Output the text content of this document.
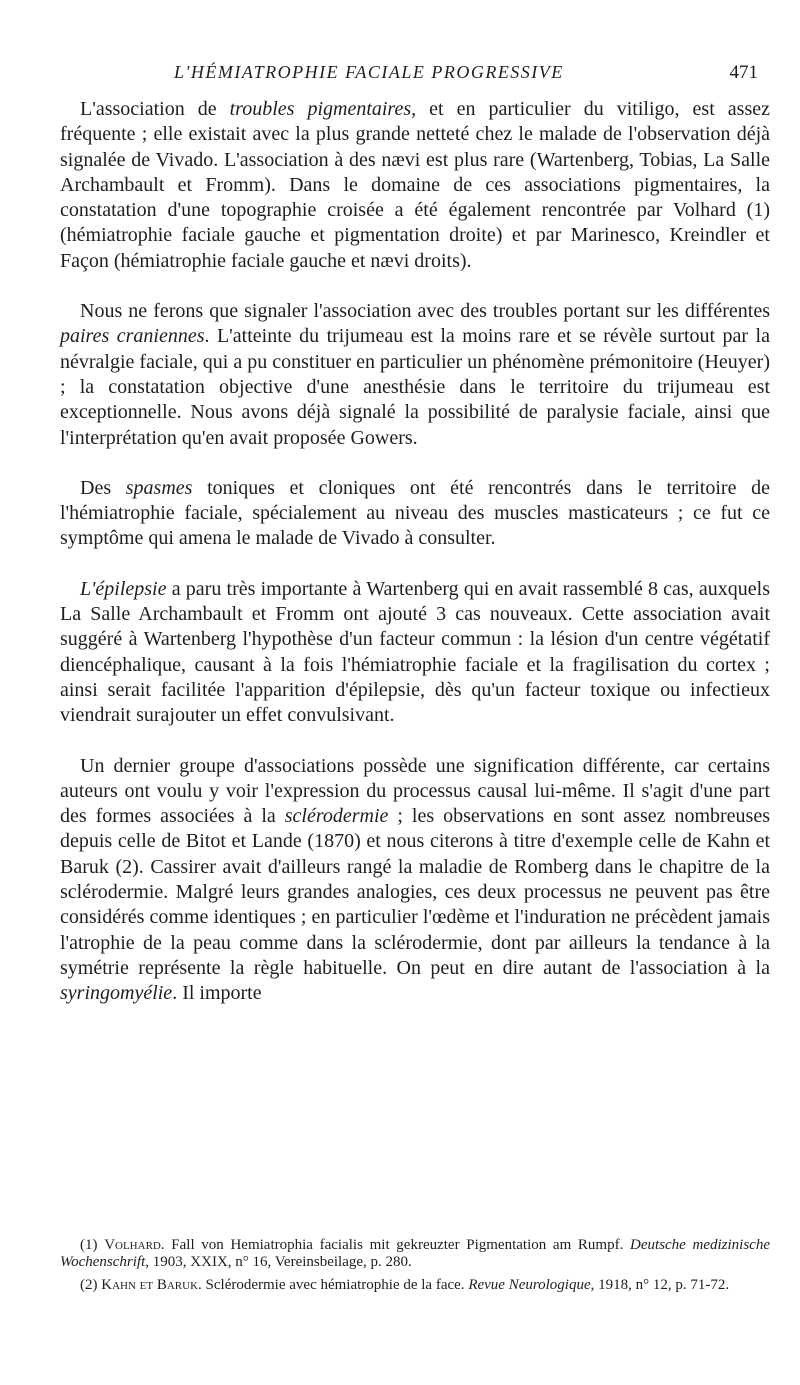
L'HÉMIATROPHIE FACIALE PROGRESSIVE	471

L'association de troubles pigmentaires, et en particulier du vitiligo, est assez fréquente ; elle existait avec la plus grande netteté chez le malade de l'observation déjà signalée de Vivado. L'association à des nævi est plus rare (Wartenberg, Tobias, La Salle Archambault et Fromm). Dans le domaine de ces associations pigmentaires, la constatation d'une topographie croisée a été également rencontrée par Volhard (1) (hémiatrophie faciale gauche et pigmentation droite) et par Marinesco, Kreindler et Façon (hémiatrophie faciale gauche et nævi droits).

Nous ne ferons que signaler l'association avec des troubles portant sur les différentes paires craniennes. L'atteinte du trijumeau est la moins rare et se révèle surtout par la névralgie faciale, qui a pu constituer en particulier un phénomène prémonitoire (Heuyer) ; la constatation objective d'une anesthésie dans le territoire du trijumeau est exceptionnelle. Nous avons déjà signalé la possibilité de paralysie faciale, ainsi que l'interprétation qu'en avait proposée Gowers.

Des spasmes toniques et cloniques ont été rencontrés dans le territoire de l'hémiatrophie faciale, spécialement au niveau des muscles masticateurs ; ce fut ce symptôme qui amena le malade de Vivado à consulter.

L'épilepsie a paru très importante à Wartenberg qui en avait rassemblé 8 cas, auxquels La Salle Archambault et Fromm ont ajouté 3 cas nouveaux. Cette association avait suggéré à Wartenberg l'hypothèse d'un facteur commun : la lésion d'un centre végétatif diencéphalique, causant à la fois l'hémiatrophie faciale et la fragilisation du cortex ; ainsi serait facilitée l'apparition d'épilepsie, dès qu'un facteur toxique ou infectieux viendrait surajouter un effet convulsivant.

Un dernier groupe d'associations possède une signification différente, car certains auteurs ont voulu y voir l'expression du processus causal lui-même. Il s'agit d'une part des formes associées à la sclérodermie ; les observations en sont assez nombreuses depuis celle de Bitot et Lande (1870) et nous citerons à titre d'exemple celle de Kahn et Baruk (2). Cassirer avait d'ailleurs rangé la maladie de Romberg dans le chapitre de la sclérodermie. Malgré leurs grandes analogies, ces deux processus ne peuvent pas être considérés comme identiques ; en particulier l'œdème et l'induration ne précèdent jamais l'atrophie de la peau comme dans la sclérodermie, dont par ailleurs la tendance à la symétrie représente la règle habituelle. On peut en dire autant de l'association à la syringomyélie. Il importe

(1) Volhard. Fall von Hemiatrophia facialis mit gekreuzter Pigmentation am Rumpf. Deutsche medizinische Wochenschrift, 1903, XXIX, n° 16, Vereinsbeilage, p. 280.

(2) Kahn et Baruk. Sclérodermie avec hémiatrophie de la face. Revue Neurologique, 1918, n° 12, p. 71-72.
